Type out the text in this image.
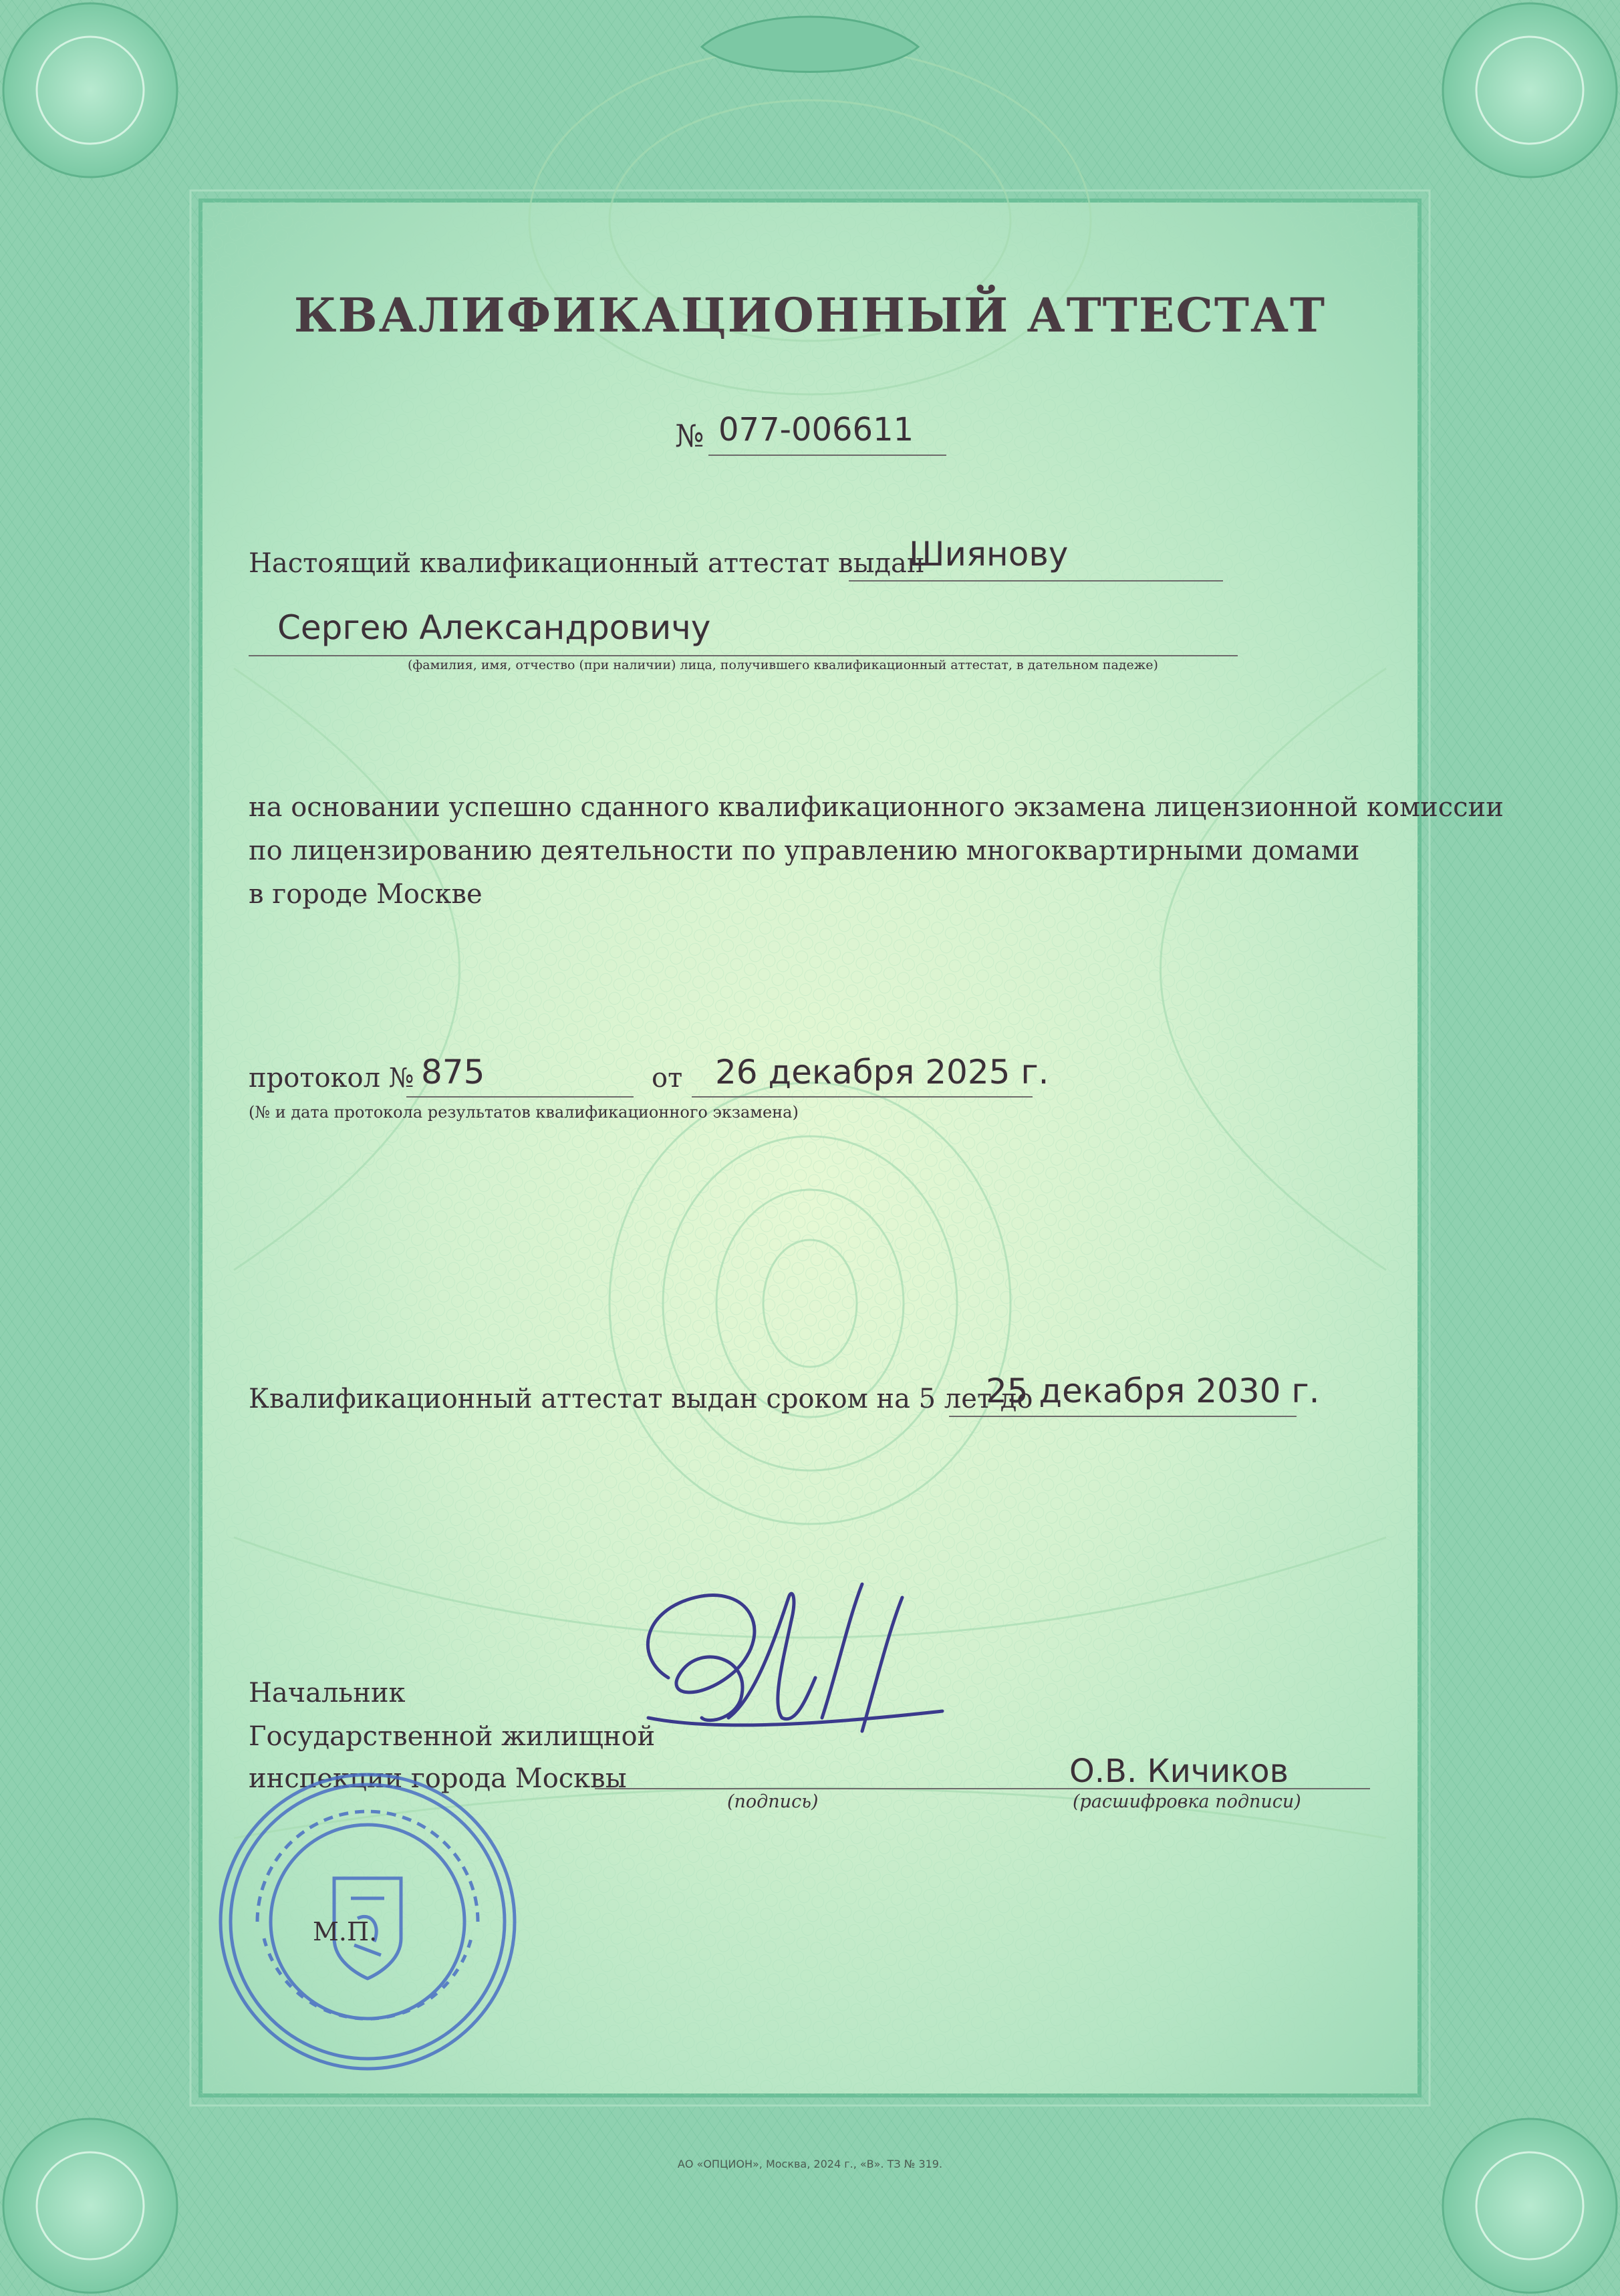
КВАЛИФИКАЦИОННЫЙ АТТЕСТАТ
№ 077-006611
Настоящий квалификационный аттестат выдан
Шиянову
Сергею Александровичу
(фамилия, имя, отчество (при наличии) лица, получившего квалификационный аттестат, в дательном падеже)
на основании успешно сданного квалификационного экзамена лицензионной комиссии
по лицензированию деятельности по управлению многоквартирными домами
в городе Москве
протокол № 875	от 26 декабря 2025 г.
(№ и дата протокола результатов квалификационного экзамена)
Квалификационный аттестат выдан сроком на 5 лет до
25 декабря 2030 г.
Начальник
Государственной жилищной
инспекции города Москвы
(подпись)
О.В. Кичиков
(расшифровка подписи)
М.П.
АО «ОПЦИОН», Москва, 2024 г., «В». ТЗ № 319.
